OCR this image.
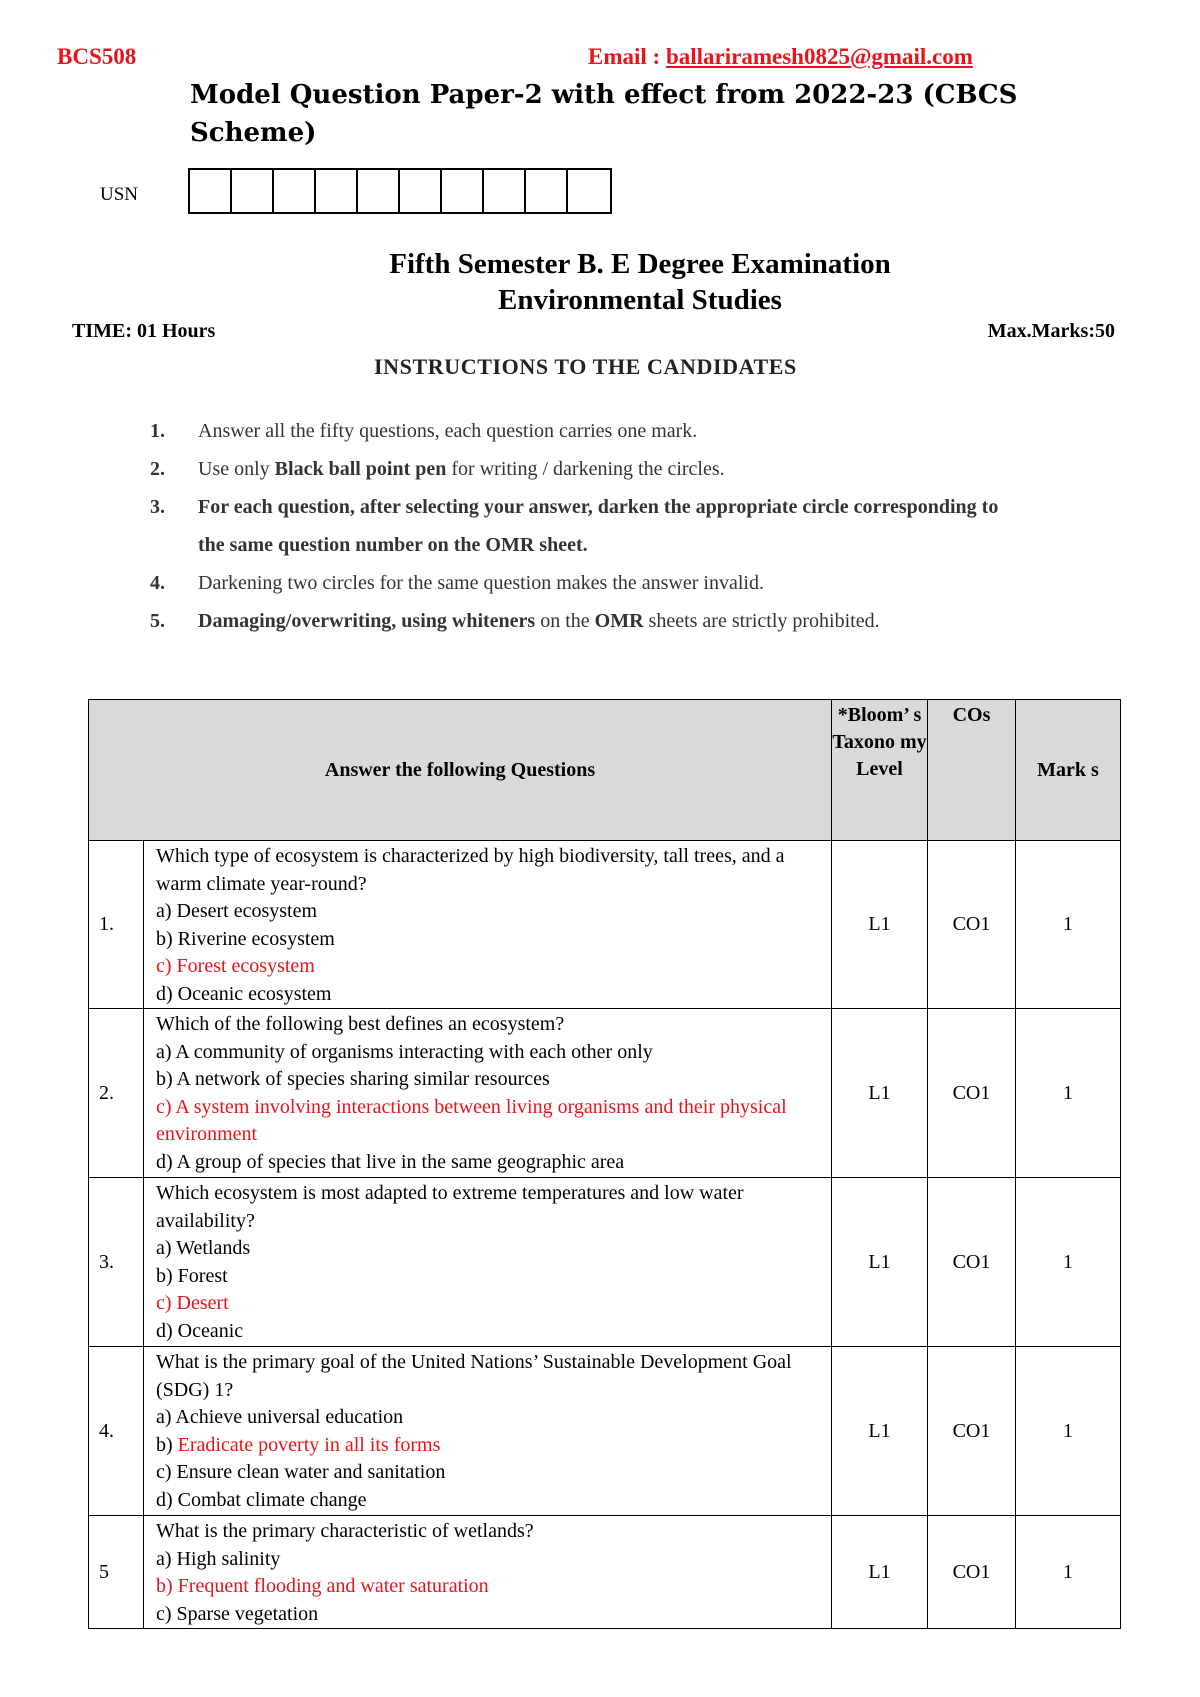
BCS508	Email : ballariramesh0825@gmail.com
Model Question Paper-2 with effect from 2022-23 (CBCS Scheme)
USN
Fifth Semester B. E Degree Examination
Environmental Studies
TIME: 01 Hours	Max.Marks:50
INSTRUCTIONS TO THE CANDIDATES
1. Answer all the fifty questions, each question carries one mark.
2. Use only Black ball point pen for writing / darkening the circles.
3. For each question, after selecting your answer, darken the appropriate circle corresponding to the same question number on the OMR sheet.
4. Darkening two circles for the same question makes the answer invalid.
5. Damaging/overwriting, using whiteners on the OMR sheets are strictly prohibited.
Answer the following Questions		*Bloom’ s Taxono my Level	COs	Mark s
1.	Which type of ecosystem is characterized by high biodiversity, tall trees, and a warm climate year-round?
a) Desert ecosystem
b) Riverine ecosystem
c) Forest ecosystem
d) Oceanic ecosystem	L1	CO1	1
2.	Which of the following best defines an ecosystem?
a) A community of organisms interacting with each other only
b) A network of species sharing similar resources
c) A system involving interactions between living organisms and their physical environment
d) A group of species that live in the same geographic area	L1	CO1	1
3.	Which ecosystem is most adapted to extreme temperatures and low water availability?
a) Wetlands
b) Forest
c) Desert
d) Oceanic	L1	CO1	1
4.	What is the primary goal of the United Nations’ Sustainable Development Goal (SDG) 1?
a) Achieve universal education
b) Eradicate poverty in all its forms
c) Ensure clean water and sanitation
d) Combat climate change	L1	CO1	1
5	What is the primary characteristic of wetlands?
a) High salinity
b) Frequent flooding and water saturation
c) Sparse vegetation	L1	CO1	1
